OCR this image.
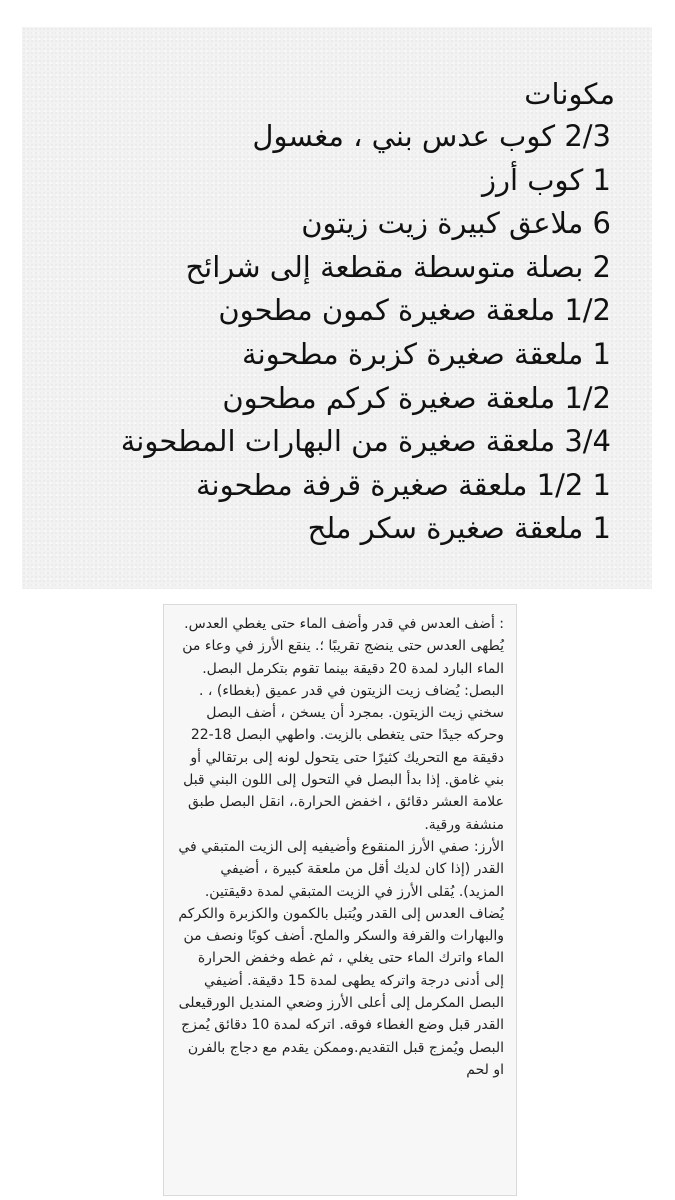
مكونات
2/3 كوب عدس بني ، مغسول
1 كوب أرز
6 ملاعق كبيرة زيت زيتون
2 بصلة متوسطة مقطعة إلى شرائح
1/2 ملعقة صغيرة كمون مطحون
1 ملعقة صغيرة كزبرة مطحونة
1/2 ملعقة صغيرة كركم مطحون
3/4 ملعقة صغيرة من البهارات المطحونة
1 1/2 ملعقة صغيرة قرفة مطحونة
1 ملعقة صغيرة سكر ملح

: أضف العدس في قدر وأضف الماء حتى يغطي العدس. يُطهى العدس حتى ينضج تقريبًا ؛. ينقع الأرز في وعاء من الماء البارد لمدة 20 دقيقة بينما تقوم بتكرمل البصل.

البصل: يُضاف زيت الزيتون في قدر عميق (بغطاء) ، . سخني زيت الزيتون. بمجرد أن يسخن ، أضف البصل وحركه جيدًا حتى يتغطى بالزيت. واطهي البصل 18-22 دقيقة مع التحريك كثيرًا حتى يتحول لونه إلى برتقالي أو بني غامق. إذا بدأ البصل في التحول إلى اللون البني قبل علامة العشر دقائق ، اخفض الحرارة.، انقل البصل طبق منشفة ورقية.

الأرز: صفي الأرز المنقوع وأضيفيه إلى الزيت المتبقي في القدر (إذا كان لديك أقل من ملعقة كبيرة ، أضيفي المزيد). يُقلى الأرز في الزيت المتبقي لمدة دقيقتين. يُضاف العدس إلى القدر ويُتبل بالكمون والكزبرة والكركم والبهارات والقرفة والسكر والملح. أضف كوبًا ونصف من الماء واترك الماء حتى يغلي ، ثم غطه وخفض الحرارة إلى أدنى درجة واتركه يطهى لمدة 15 دقيقة. أضيفي البصل المكرمل إلى أعلى الأرز وضعي المنديل الورقيعلى القدر قبل وضع الغطاء فوقه. اتركه لمدة 10 دقائق يُمزج البصل ويُمزج قبل التقديم.وممكن يقدم مع دجاج بالفرن او لحم
